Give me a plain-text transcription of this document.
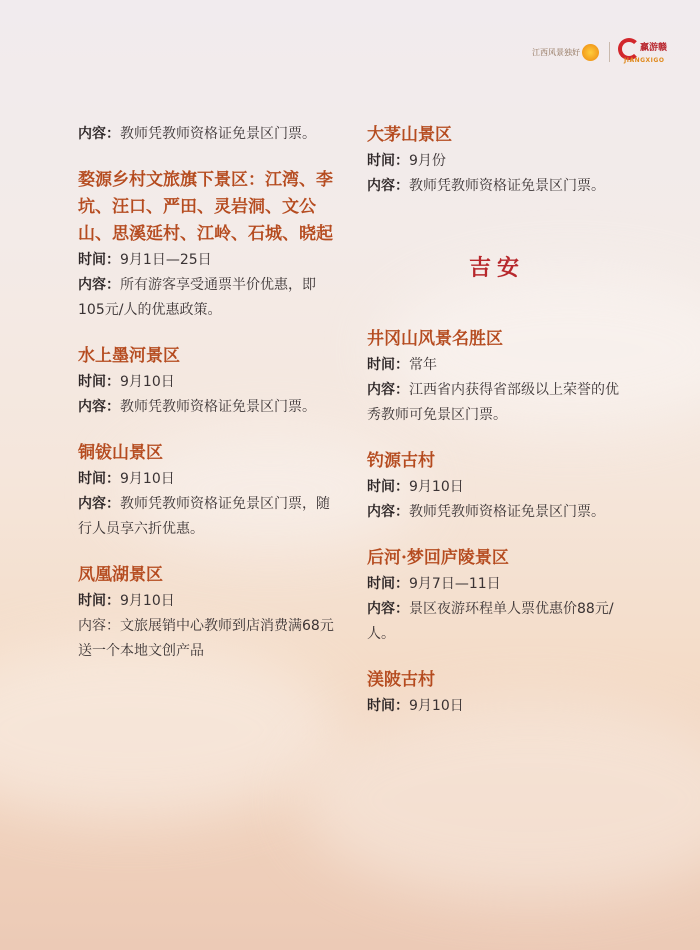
江西风景独好	赢游赣
JIANGXIGO

内容：教师凭教师资格证免景区门票。

婺源乡村文旅旗下景区：江湾、李坑、汪口、严田、灵岩洞、文公山、思溪延村、江岭、石城、晓起

时间：9月1日—25日

内容：所有游客享受通票半价优惠，即105元/人的优惠政策。

水上墨河景区

时间：9月10日

内容：教师凭教师资格证免景区门票。

铜钹山景区

时间：9月10日

内容：教师凭教师资格证免景区门票，随行人员享六折优惠。

凤凰湖景区

时间：9月10日

内容：文旅展销中心教师到店消费满68元送一个本地文创产品

大茅山景区

时间：9月份

内容：教师凭教师资格证免景区门票。

吉安

井冈山风景名胜区

时间：常年

内容：江西省内获得省部级以上荣誉的优秀教师可免景区门票。

钓源古村

时间：9月10日

内容：教师凭教师资格证免景区门票。

后河·梦回庐陵景区

时间：9月7日—11日

内容：景区夜游环程单人票优惠价88元/人。

渼陂古村

时间：9月10日
